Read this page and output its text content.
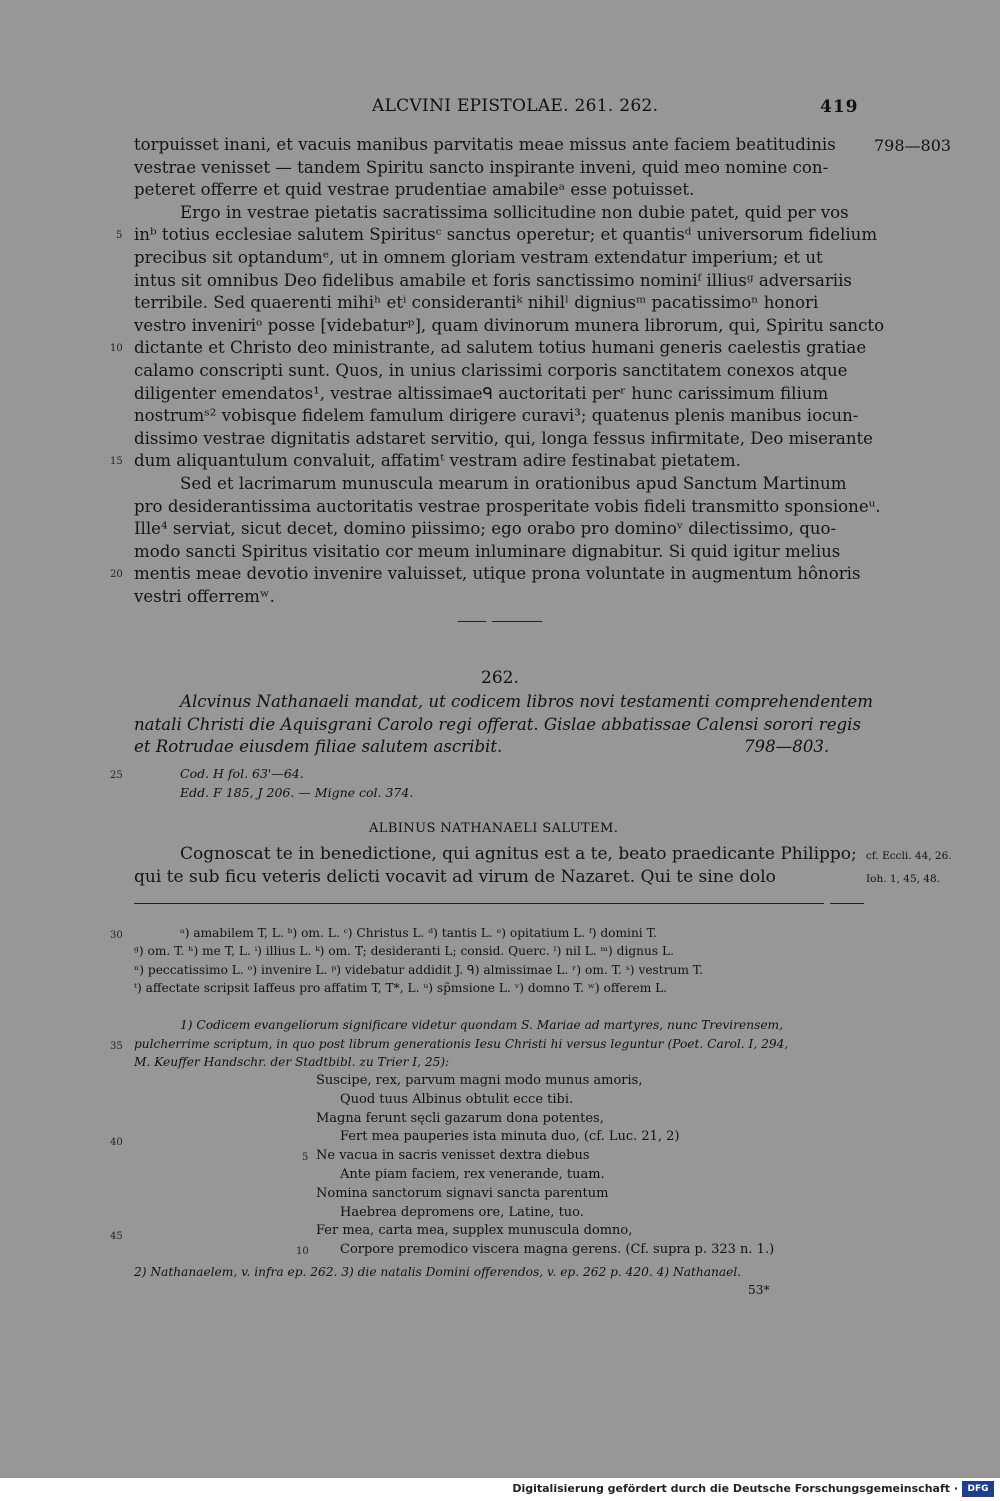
ALCVINI EPISTOLAE. 261. 262.	419
torpuisset inani, et vacuis manibus parvitatis meae missus ante faciem beatitudinis
vestrae venisset — tandem Spiritu sancto inspirante inveni, quid meo nomine con-
peteret offerre et quid vestrae prudentiae amabileᵃ esse potuisset.
Ergo in vestrae pietatis sacratissima sollicitudine non dubie patet, quid per vos
inᵇ totius ecclesiae salutem Spiritusᶜ sanctus operetur; et quantisᵈ universorum fidelium
precibus sit optandumᵉ, ut in omnem gloriam vestram extendatur imperium; et ut
intus sit omnibus Deo fidelibus amabile et foris sanctissimo nominiᶠ illiusᵍ adversariis
terribile. Sed quaerenti mihiʰ etⁱ considerantiᵏ nihilˡ digniusᵐ pacatissimoⁿ honori
vestro inveniriᵒ posse [videbaturᵖ], quam divinorum munera librorum, qui, Spiritu sancto
dictante et Christo deo ministrante, ad salutem totius humani generis caelestis gratiae
calamo conscripti sunt. Quos, in unius clarissimi corporis sanctitatem conexos atque
diligenter emendatos¹, vestrae altissimaeᑫ auctoritati perʳ hunc carissimum filium
nostrumˢ² vobisque fidelem famulum dirigere curavi³; quatenus plenis manibus iocun-
dissimo vestrae dignitatis adstaret servitio, qui, longa fessus infirmitate, Deo miserante
dum aliquantulum convaluit, affatimᵗ vestram adire festinabat pietatem.
Sed et lacrimarum munuscula mearum in orationibus apud Sanctum Martinum
pro desiderantissima auctoritatis vestrae prosperitate vobis fideli transmitto sponsioneᵘ.
Ille⁴ serviat, sicut decet, domino piissimo; ego orabo pro dominoᵛ dilectissimo, quo-
modo sancti Spiritus visitatio cor meum inluminare dignabitur. Si quid igitur melius
mentis meae devotio invenire valuisset, utique prona voluntate in augmentum hônoris
vestri offerremʷ.
798—803
5
10
15
20
262.
Alcvinus Nathanaeli mandat, ut codicem libros novi testamenti comprehendentem
natali Christi die Aquisgrani Carolo regi offerat. Gislae abbatissae Calensi sorori regis
et Rotrudae eiusdem filiae salutem ascribit.	798—803.
25	Cod. H fol. 63'—64.
Edd. F 185, J 206. — Migne col. 374.
ALBINUS NATHANAELI SALUTEM.
Cognoscat te in benedictione, qui agnitus est a te, beato praedicante Philippo;
qui te sub ficu veteris delicti vocavit ad virum de Nazaret. Qui te sine dolo
cf. Eccli. 44, 26.
Ioh. 1, 45, 48.
30	ᵃ) amabilem T, L. ᵇ) om. L. ᶜ) Christus L. ᵈ) tantis L. ᵉ) opitatium L. ᶠ) domini T.
ᵍ) om. T. ʰ) me T, L. ⁱ) illius L. ᵏ) om. T; desideranti L; consid. Querc. ˡ) nil L. ᵐ) dignus L.
ⁿ) peccatissimo L. ᵒ) invenire L. ᵖ) videbatur addidit J. ᑫ) almissimae L. ʳ) om. T. ˢ) vestrum T.
ᵗ) affectate scripsit Iaffeus pro affatim T, T*, L. ᵘ) sp̃msione L. ᵛ) domno T. ʷ) offerem L.
35
40
45
1) Codicem evangeliorum significare videtur quondam S. Mariae ad martyres, nunc Trevirensem,
pulcherrime scriptum, in quo post librum generationis Iesu Christi hi versus leguntur (Poet. Carol. I, 294,
M. Keuffer Handschr. der Stadtbibl. zu Trier I, 25):
Suscipe, rex, parvum magni modo munus amoris,
Quod tuus Albinus obtulit ecce tibi.
Magna ferunt sęcli gazarum dona potentes,
Fert mea pauperies ista minuta duo, (cf. Luc. 21, 2)
Ne vacua in sacris venisset dextra diebus
Ante piam faciem, rex venerande, tuam.
Nomina sanctorum signavi sancta parentum
Haebrea depromens ore, Latine, tuo.
Fer mea, carta mea, supplex munuscula domno,
Corpore premodico viscera magna gerens. (Cf. supra p. 323 n. 1.)
5
10
2) Nathanaelem, v. infra ep. 262. 3) die natalis Domini offerendos, v. ep. 262 p. 420. 4) Nathanael.
53*
Digitalisierung gefördert durch die Deutsche Forschungsgemeinschaft ·	DFG
